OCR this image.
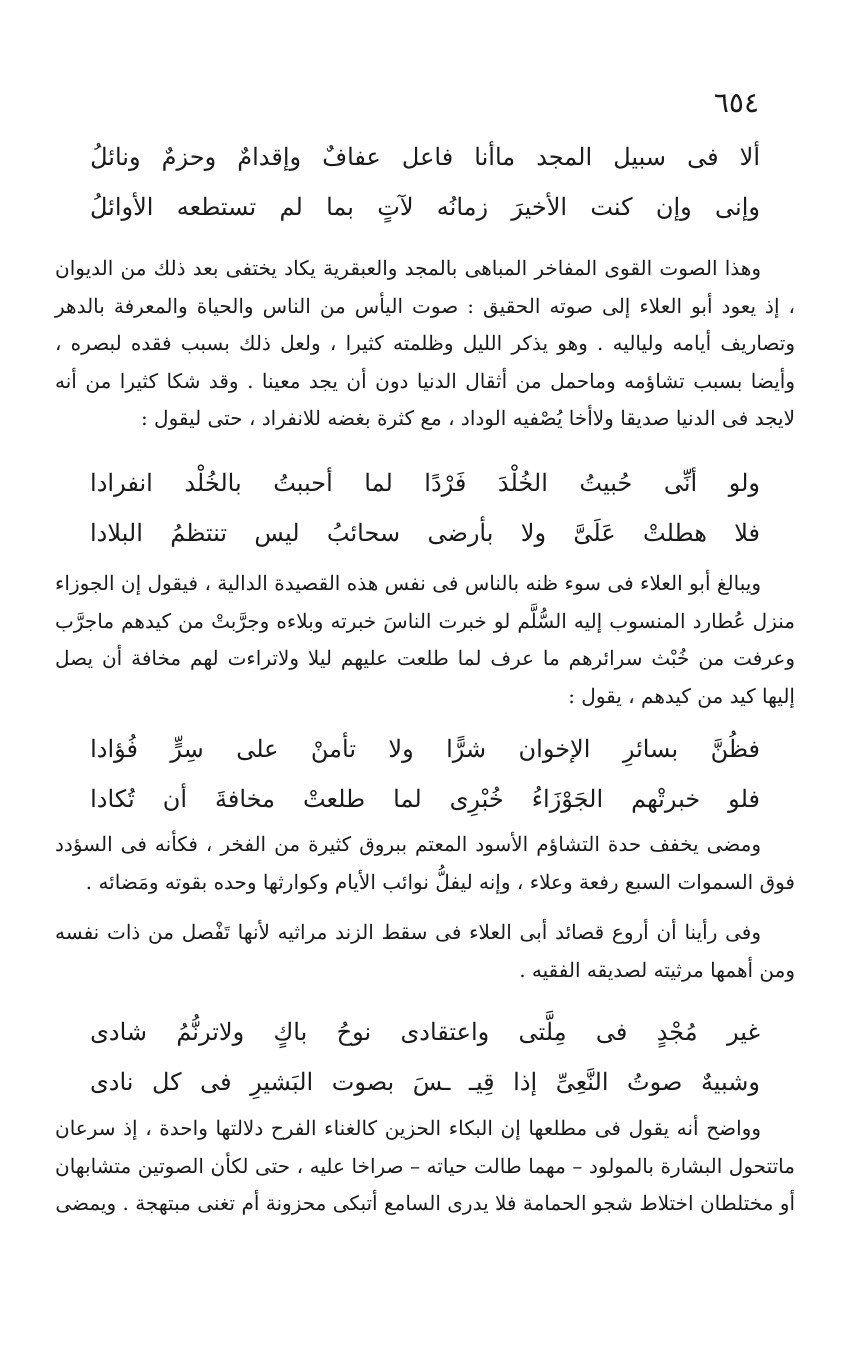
٦٥٤
ألا
فى
سبيل
المجد
ماأنا
فاعل
عفافٌ
وإقدامٌ
وحزمٌ
ونائلُ
وإنى
وإن
كنت
الأخيرَ
زمانُه
لآتٍ
بما
لم
تستطعه
الأوائلُ

وهذا الصوت القوى المفاخر المباهى بالمجد والعبقرية يكاد يختفى بعد ذلك من الديوان ، إذ يعود أبو العلاء إلى صوته الحقيق : صوت اليأس من الناس والحياة والمعرفة بالدهر وتصاريف أيامه ولياليه . وهو يذكر الليل وظلمته كثيرا ، ولعل ذلك بسبب فقده لبصره ، وأيضا بسبب تشاؤمه وماحمل من أثقال الدنيا دون أن يجد معينا . وقد شكا كثيرا من أنه لايجد فى الدنيا صديقا ولاأخا يُصْفيه الوداد ، مع كثرة بغضه للانفراد ، حتى ليقول :

ولو
أنِّى
حُبيتُ
الخُلْدَ
فَرْدًا
لما
أحببتُ
بالخُلْد
انفرادا
فلا
هطلتْ
عَلَىَّ
ولا
بأرضى
سحائبُ
ليس
تنتظمُ
البلادا

ويبالغ أبو العلاء فى سوء ظنه بالناس فى نفس هذه القصيدة الدالية ، فيقول إن الجوزاء منزل عُطارد المنسوب إليه السُّلَّم لو خبرت الناسَ خبرته وبلاءه وجرَّبتْ من كيدهم ماجرَّب وعرفت من خُبْث سرائرهم ما عرف لما طلعت عليهم ليلا ولاتراءت لهم مخافة أن يصل إليها كيد من كيدهم ، يقول :

فظُنَّ
بسائرِ
الإخوان
شرًّا
ولا
تأمنْ
على
سِرٍّ
فُؤادا
فلو
خبرتْهم
الجَوْزَاءُ
خُبْرِى
لما
طلعتْ
مخافةَ
أن
تُكادا

ومضى يخفف حدة التشاؤم الأسود المعتم ببروق كثيرة من الفخر ، فكأنه فى السؤدد فوق السموات السبع رفعة وعلاء ، وإنه ليفلُّ نوائب الأيام وكوارثها وحده بقوته ومَضائه .

وفى رأينا أن أروع قصائد أبى العلاء فى سقط الزند مراثيه لأنها تَفْصل من ذات نفسه ومن أهمها مرثيته لصديقه الفقيه .

غير
مُجْدٍ
فى
مِلَّتى
واعتقادى
نوحُ
باكٍ
ولاترنُّمُ
شادى
وشبيهٌ
صوتُ
النَّعِىِّ
إذا
قِيـ
ـسَ
بصوت
البَشيرِ
فى
كل
نادى

وواضح أنه يقول فى مطلعها إن البكاء الحزين كالغناء الفرح دلالتها واحدة ، إذ سرعان ماتتحول البشارة بالمولود – مهما طالت حياته – صراخا عليه ، حتى لكأن الصوتين متشابهان أو مختلطان اختلاط شجو الحمامة فلا يدرى السامع أتبكى محزونة أم تغنى مبتهجة . ويمضى
